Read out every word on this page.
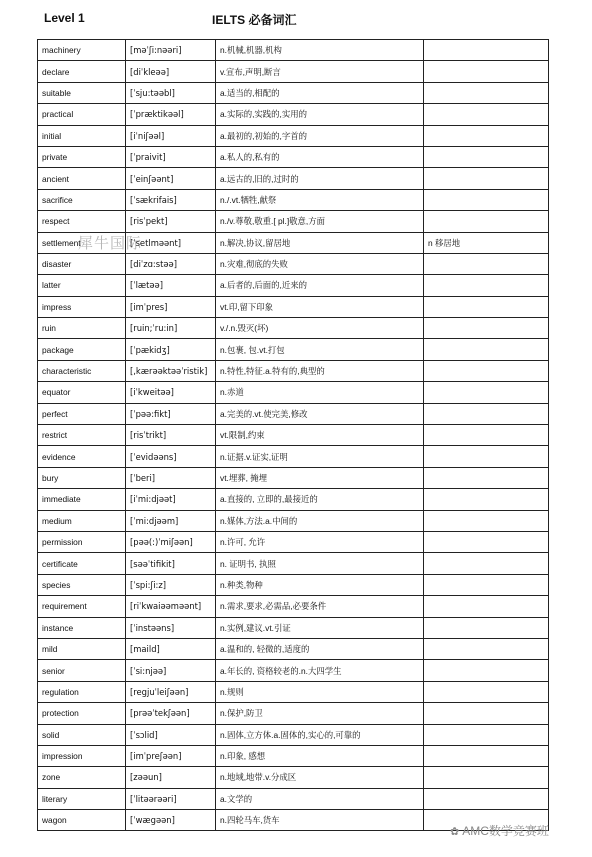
Level 1	IELTS 必备词汇
machinery	[məˈʃi:nəəri]	n.机械,机器,机构	
declare	[diˈkleəə]	v.宣布,声明,断言	
suitable	[ˈsju:təəbl]	a.适当的,相配的	
practical	[ˈpræktikəəl]	a.实际的,实践的,实用的	
initial	[iˈniʃəəl]	a.最初的,初始的,字首的	
private	[ˈpraivit]	a.私人的,私有的	
ancient	[ˈeinʃəənt]	a.远古的,旧的,过时的	
sacrifice	[ˈsækrifais]	n./.vt.牺牲,献祭	
respect	[risˈpekt]	n./v.尊敬,敬重.[ pl.]敬意,方面	
settlement	[ˈsetlməənt]	n.解决,协议,留居地	n 移居地
disaster	[diˈzɑ:stəə]	n.灾难,彻底的失败	
latter	[ˈlætəə]	a.后者的,后面的,近来的	
impress	[imˈpres]	vt.印,留下印象	
ruin	[ruin;ˈru:in]	v./.n.毁灭(坏)	
package	[ˈpækidʒ]	n.包裹, 包.vt.打包	
characteristic	[,kærəəktəəˈristik]	n.特性,特征.a.特有的,典型的	
equator	[iˈkweitəə]	n.赤道	
perfect	[ˈpəə:fikt]	a.完美的.vt.使完美,修改	
restrict	[risˈtrikt]	vt.限制,约束	
evidence	[ˈevidəəns]	n.证据.v.证实,证明	
bury	[ˈberi]	vt.埋葬, 掩埋	
immediate	[iˈmi:djəət]	a.直接的, 立即的,最接近的	
medium	[ˈmi:djəəm]	n.媒体,方法.a.中间的	
permission	[pəə(:)ˈmiʃəən]	n.许可, 允许	
certificate	[səəˈtifikit]	n. 证明书, 执照	
species	[ˈspi:ʃi:z]	n.种类,物种	
requirement	[riˈkwaiəəməənt]	n.需求,要求,必需品,必要条件	
instance	[ˈinstəəns]	n.实例,建议.vt.引证	
mild	[maild]	a.温和的, 轻微的,适度的	
senior	[ˈsi:njəə]	a.年长的, 资格较老的.n.大四学生	
regulation	[regjuˈleiʃəən]	n.规则	
protection	[prəəˈtekʃəən]	n.保护,防卫	
solid	[ˈsɔlid]	n.固体,立方体.a.固体的,实心的,可靠的	
impression	[imˈpreʃəən]	n.印象, 感想	
zone	[zəəun]	n.地域,地带.v.分成区	
literary	[ˈlitəərəəri]	a.文学的	
wagon	[ˈwægəən]	n.四轮马车,货车	
犀牛国际
✿ AMC数学竞赛班
